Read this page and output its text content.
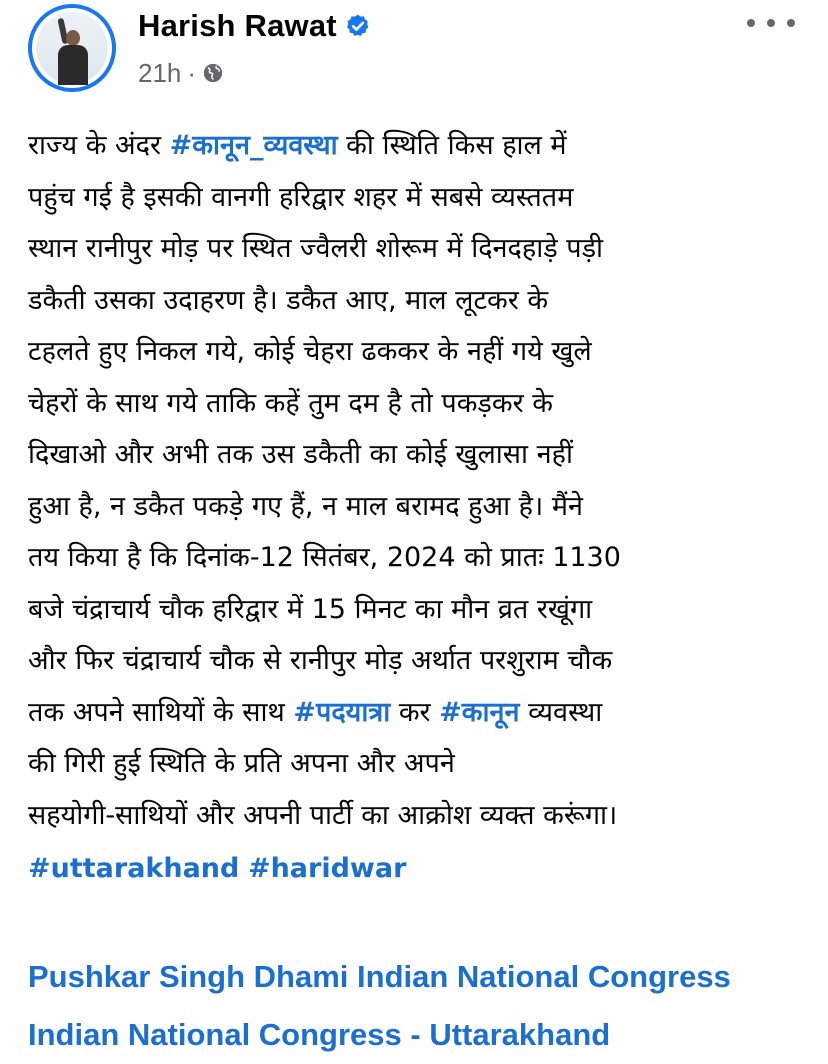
Harish Rawat
21h ·
राज्य के अंदर #कानून_व्यवस्था की स्थिति किस हाल में
पहुंच गई है इसकी वानगी हरिद्वार शहर में सबसे व्यस्ततम
स्थान रानीपुर मोड़ पर स्थित ज्वैलरी शोरूम में दिनदहाड़े पड़ी
डकैती उसका उदाहरण है। डकैत आए, माल लूटकर के
टहलते हुए निकल गये, कोई चेहरा ढककर के नहीं गये खुले
चेहरों के साथ गये ताकि कहें तुम दम है तो पकड़कर के
दिखाओ और अभी तक उस डकैती का कोई खुलासा नहीं
हुआ है, न डकैत पकड़े गए हैं, न माल बरामद हुआ है। मैंने
तय किया है कि दिनांक-12 सितंबर, 2024 को प्रातः 1130
बजे चंद्राचार्य चौक हरिद्वार में 15 मिनट का मौन व्रत रखूंगा
और फिर चंद्राचार्य चौक से रानीपुर मोड़ अर्थात परशुराम चौक
तक अपने साथियों के साथ #पदयात्रा कर #कानून व्यवस्था
की गिरी हुई स्थिति के प्रति अपना और अपने
सहयोगी-साथियों और अपनी पार्टी का आक्रोश व्यक्त करूंगा।
#uttarakhand #haridwar
Pushkar Singh Dhami Indian National Congress
Indian National Congress - Uttarakhand
